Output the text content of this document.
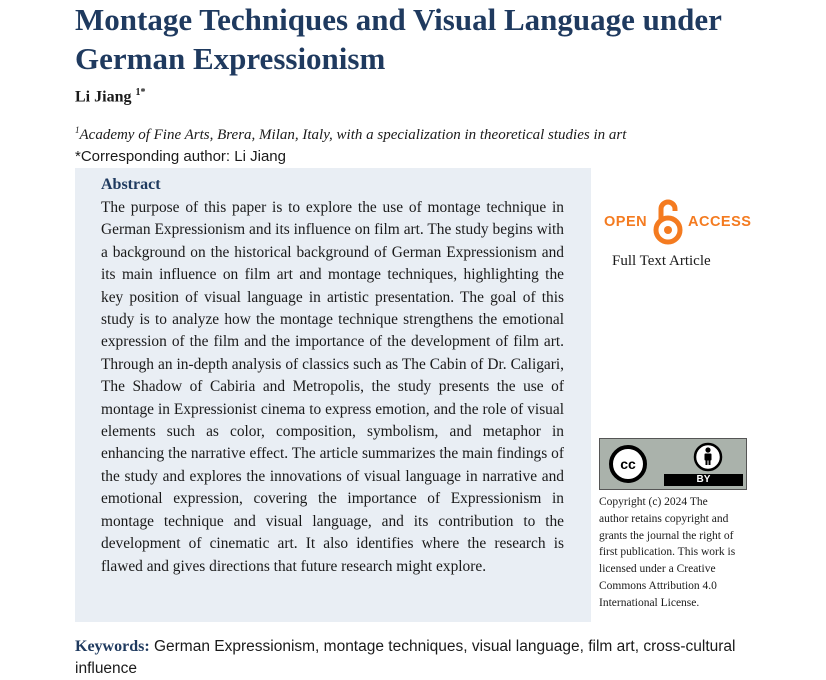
Montage Techniques and Visual Language under German Expressionism
Li Jiang $^{1*}$
$^1$Academy of Fine Arts, Brera, Milan, Italy, with a specialization in theoretical studies in art
*Corresponding author: Li Jiang
Abstract

The purpose of this paper is to explore the use of montage technique in German Expressionism and its influence on film art. The study begins with a background on the historical background of German Expressionism and its main influence on film art and montage techniques, highlighting the key position of visual language in artistic presentation. The goal of this study is to analyze how the montage technique strengthens the emotional expression of the film and the importance of the development of film art. Through an in-depth analysis of classics such as The Cabin of Dr. Caligari, The Shadow of Cabiria and Metropolis, the study presents the use of montage in Expressionist cinema to express emotion, and the role of visual elements such as color, composition, symbolism, and metaphor in enhancing the narrative effect. The article summarizes the main findings of the study and explores the innovations of visual language in narrative and emotional expression, covering the importance of Expressionism in montage technique and visual language, and its contribution to the development of cinematic art. It also identifies where the research is flawed and gives directions that future research might explore.

OPEN	ACCESS
Full Text Article
cc
BY

Copyright (c) 2024 The author retains copyright and grants the journal the right of first publication. This work is licensed under a Creative Commons Attribution 4.0 International License.

Keywords: German Expressionism, montage techniques, visual language, film art, cross-cultural influence
